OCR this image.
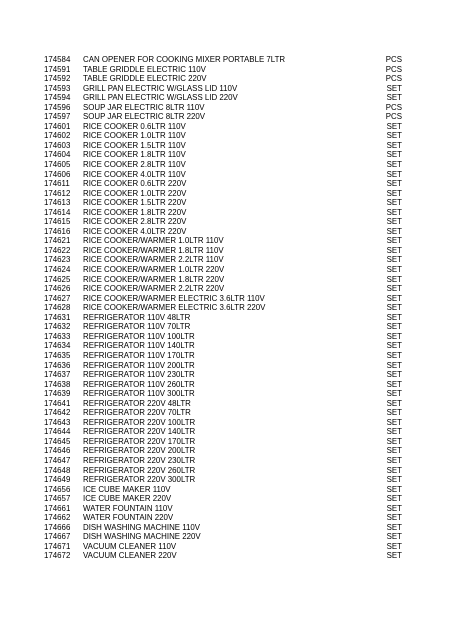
174584	CAN OPENER FOR COOKING MIXER PORTABLE 7LTR	PCS
174591	TABLE GRIDDLE ELECTRIC 110V	PCS
174592	TABLE GRIDDLE ELECTRIC 220V	PCS
174593	GRILL PAN ELECTRIC W/GLASS LID 110V	SET
174594	GRILL PAN ELECTRIC W/GLASS LID 220V	SET
174596	SOUP JAR ELECTRIC 8LTR 110V	PCS
174597	SOUP JAR ELECTRIC 8LTR 220V	PCS
174601	RICE COOKER 0.6LTR 110V	SET
174602	RICE COOKER 1.0LTR 110V	SET
174603	RICE COOKER 1.5LTR 110V	SET
174604	RICE COOKER 1.8LTR 110V	SET
174605	RICE COOKER 2.8LTR 110V	SET
174606	RICE COOKER 4.0LTR 110V	SET
174611	RICE COOKER 0.6LTR 220V	SET
174612	RICE COOKER 1.0LTR 220V	SET
174613	RICE COOKER 1.5LTR 220V	SET
174614	RICE COOKER 1.8LTR 220V	SET
174615	RICE COOKER 2.8LTR 220V	SET
174616	RICE COOKER 4.0LTR 220V	SET
174621	RICE COOKER/WARMER 1.0LTR 110V	SET
174622	RICE COOKER/WARMER 1.8LTR 110V	SET
174623	RICE COOKER/WARMER 2.2LTR 110V	SET
174624	RICE COOKER/WARMER 1.0LTR 220V	SET
174625	RICE COOKER/WARMER 1.8LTR 220V	SET
174626	RICE COOKER/WARMER 2.2LTR 220V	SET
174627	RICE COOKER/WARMER ELECTRIC 3.6LTR 110V	SET
174628	RICE COOKER/WARMER ELECTRIC 3.6LTR 220V	SET
174631	REFRIGERATOR 110V 48LTR	SET
174632	REFRIGERATOR 110V 70LTR	SET
174633	REFRIGERATOR 110V 100LTR	SET
174634	REFRIGERATOR 110V 140LTR	SET
174635	REFRIGERATOR 110V 170LTR	SET
174636	REFRIGERATOR 110V 200LTR	SET
174637	REFRIGERATOR 110V 230LTR	SET
174638	REFRIGERATOR 110V 260LTR	SET
174639	REFRIGERATOR 110V 300LTR	SET
174641	REFRIGERATOR 220V 48LTR	SET
174642	REFRIGERATOR 220V 70LTR	SET
174643	REFRIGERATOR 220V 100LTR	SET
174644	REFRIGERATOR 220V 140LTR	SET
174645	REFRIGERATOR 220V 170LTR	SET
174646	REFRIGERATOR 220V 200LTR	SET
174647	REFRIGERATOR 220V 230LTR	SET
174648	REFRIGERATOR 220V 260LTR	SET
174649	REFRIGERATOR 220V 300LTR	SET
174656	ICE CUBE MAKER 110V	SET
174657	ICE CUBE MAKER 220V	SET
174661	WATER FOUNTAIN 110V	SET
174662	WATER FOUNTAIN 220V	SET
174666	DISH WASHING MACHINE 110V	SET
174667	DISH WASHING MACHINE 220V	SET
174671	VACUUM CLEANER 110V	SET
174672	VACUUM CLEANER 220V	SET
